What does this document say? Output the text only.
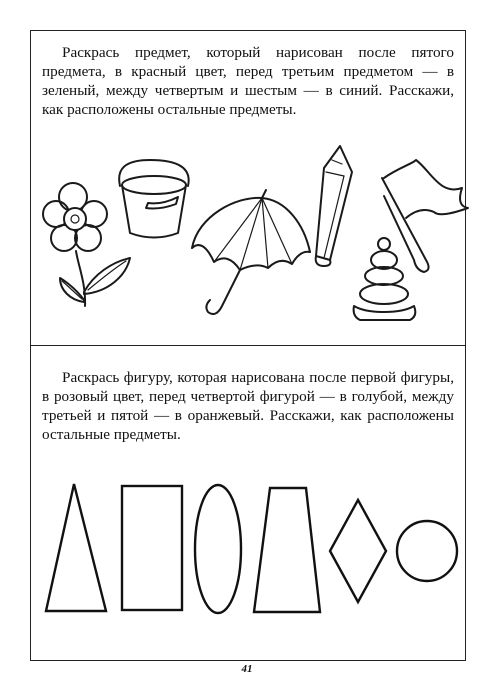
Раскрась предмет, который нарисован после пятого предмета, в красный цвет, перед третьим предметом — в зеленый, между четвертым и шестым — в синий. Расскажи, как расположены остальные предметы.

Раскрась фигуру, которая нарисована после первой фигуры, в розовый цвет, перед четвертой фигурой — в голубой, между третьей и пятой — в оранжевый. Расскажи, как расположены остальные предметы.

41
